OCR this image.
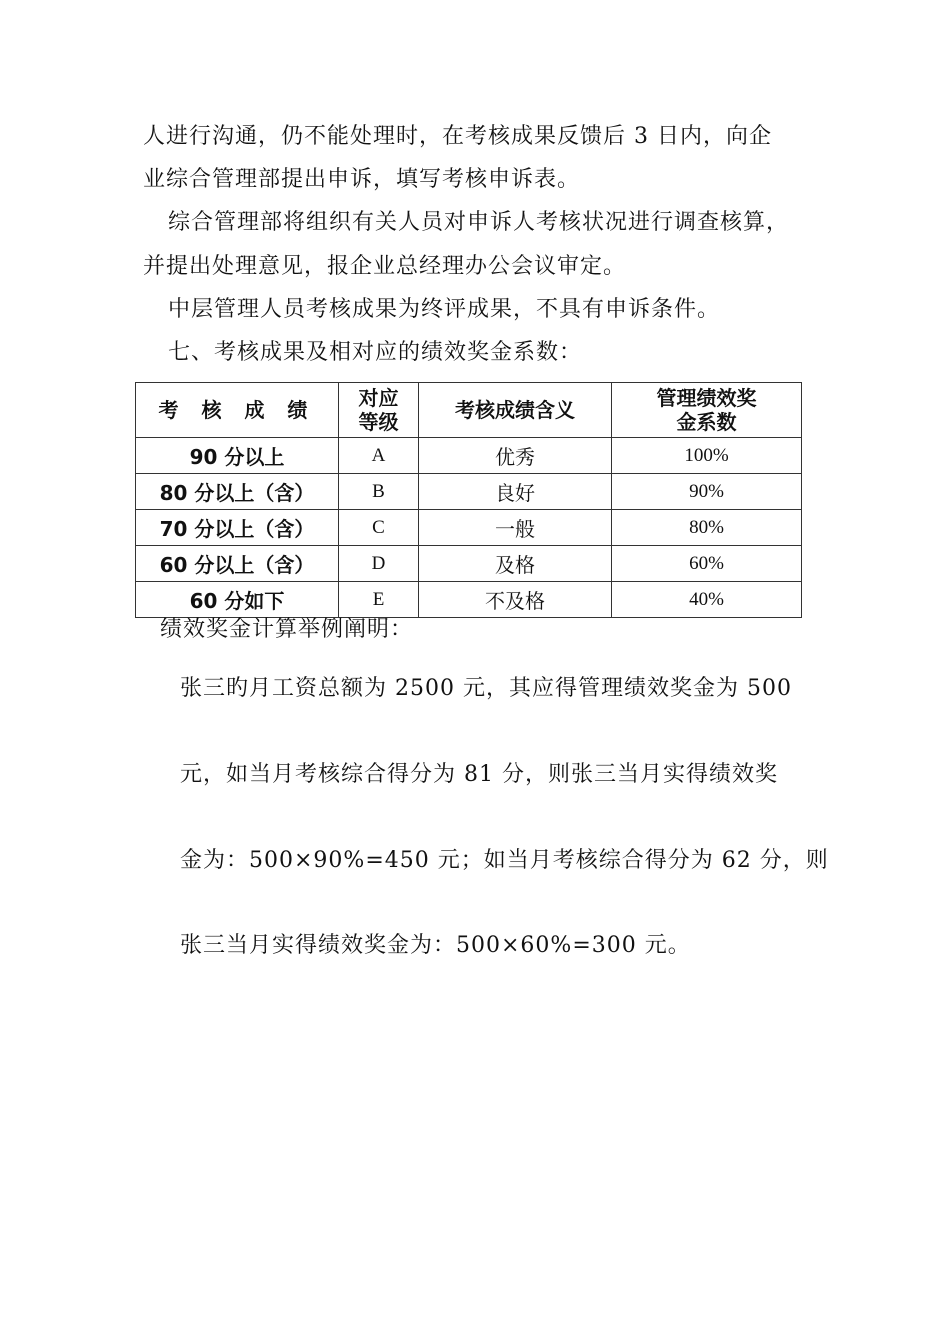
人进行沟通，仍不能处理时，在考核成果反馈后 3 日内，向企
业综合管理部提出申诉，填写考核申诉表。
综合管理部将组织有关人员对申诉人考核状况进行调查核算，
并提出处理意见，报企业总经理办公会议审定。
中层管理人员考核成果为终评成果，不具有申诉条件。
七、考核成果及相对应的绩效奖金系数：
考 核 成 绩	对应等级	考核成绩含义	管理绩效奖金系数

90 分以上	A	优秀	100%
80 分以上（含）	B	良好	90%
70 分以上（含）	C	一般	80%
60 分以上（含）	D	及格	60%
60 分如下	E	不及格	40%
绩效奖金计算举例阐明：
张三旳月工资总额为 2500 元，其应得管理绩效奖金为 500
元，如当月考核综合得分为 81 分，则张三当月实得绩效奖
金为：500×90%=450 元；如当月考核综合得分为 62 分，则
张三当月实得绩效奖金为：500×60%=300 元。
